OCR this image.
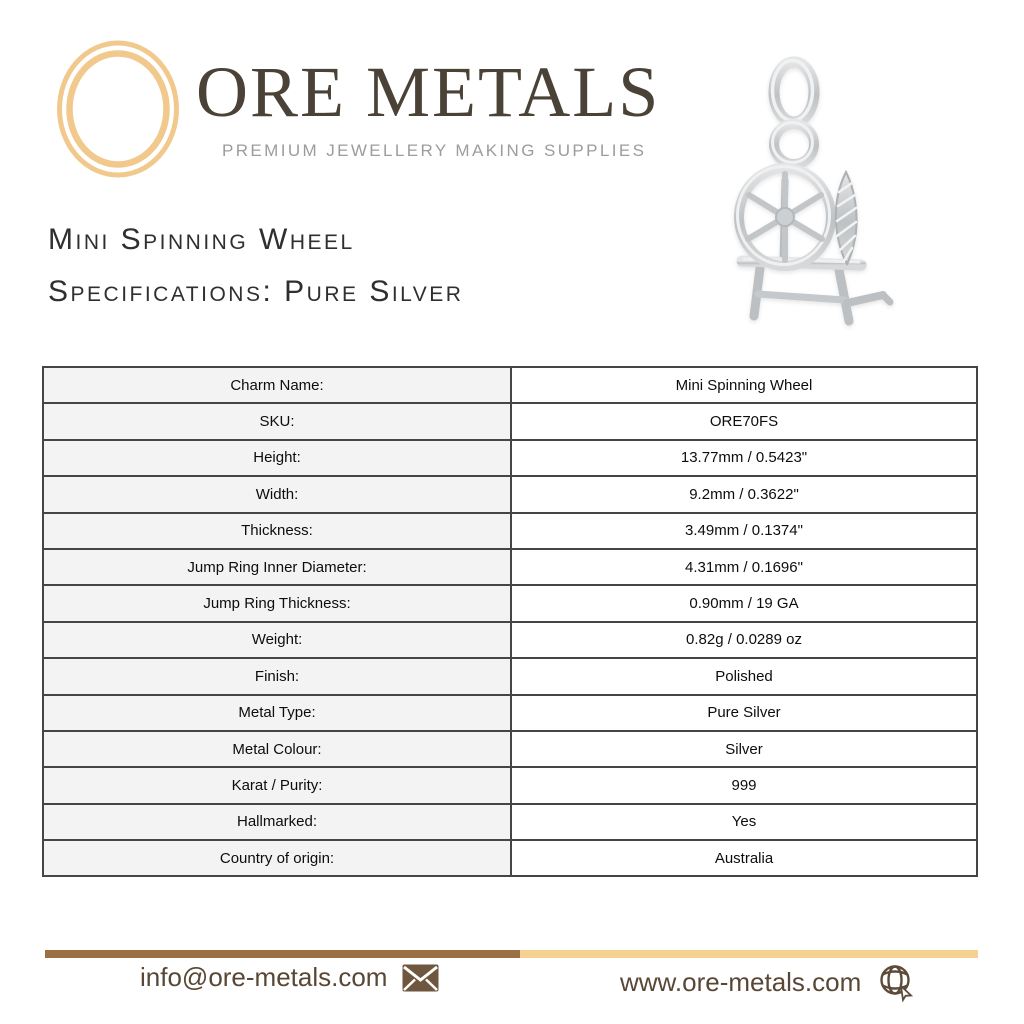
ORE METALS
PREMIUM JEWELLERY MAKING SUPPLIES
Mini Spinning Wheel
Specifications: Pure Silver
Charm Name:	Mini Spinning Wheel
SKU:	ORE70FS
Height:	13.77mm / 0.5423"
Width:	9.2mm / 0.3622"
Thickness:	3.49mm / 0.1374"
Jump Ring Inner Diameter:	4.31mm / 0.1696"
Jump Ring Thickness:	0.90mm / 19 GA
Weight:	0.82g / 0.0289 oz
Finish:	Polished
Metal Type:	Pure Silver
Metal Colour:	Silver
Karat / Purity:	999
Hallmarked:	Yes
Country of origin:	Australia
info@ore-metals.com	www.ore-metals.com
